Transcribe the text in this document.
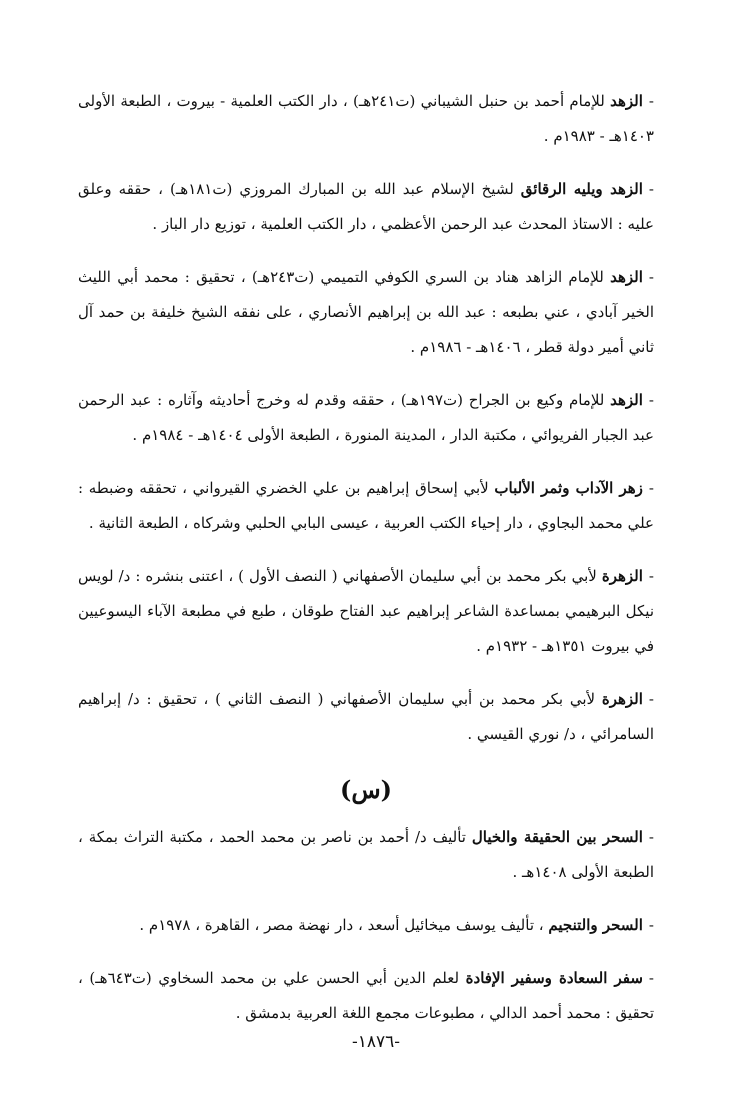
-الزهد للإمام أحمد بن حنبل الشيباني (ت٢٤١هـ) ، دار الكتب العلمية - بيروت ، الطبعة الأولى ١٤٠٣هـ - ١٩٨٣م .
-الزهد ويليه الرقائق لشيخ الإسلام عبد الله بن المبارك المروزي (ت١٨١هـ) ، حققه وعلق عليه : الاستاذ المحدث عبد الرحمن الأعظمي ، دار الكتب العلمية ، توزيع دار الباز .
-الزهد للإمام الزاهد هناد بن السري الكوفي التميمي (ت٢٤٣هـ) ، تحقيق : محمد أبي الليث الخير آبادي ، عني بطبعه : عبد الله بن إبراهيم الأنصاري ، على نفقه الشيخ خليفة بن حمد آل ثاني أمير دولة قطر ، ١٤٠٦هـ - ١٩٨٦م .
-الزهد للإمام وكيع بن الجراح (ت١٩٧هـ) ، حققه وقدم له وخرج أحاديثه وآثاره : عبد الرحمن عبد الجبار الفريوائي ، مكتبة الدار ، المدينة المنورة ، الطبعة الأولى ١٤٠٤هـ - ١٩٨٤م .
-زهر الآداب وثمر الألباب لأبي إسحاق إبراهيم بن علي الخضري القيرواني ، تحققه وضبطه : علي محمد البجاوي ، دار إحياء الكتب العربية ، عيسى البابي الحلبي وشركاه ، الطبعة الثانية .
-الزهرة لأبي بكر محمد بن أبي سليمان الأصفهاني ( النصف الأول ) ، اعتنى بنشره : د/ لويس نيكل البرهيمي بمساعدة الشاعر إبراهيم عبد الفتاح طوقان ، طبع في مطبعة الآباء اليسوعيين في بيروت ١٣٥١هـ - ١٩٣٢م .
-الزهرة لأبي بكر محمد بن أبي سليمان الأصفهاني ( النصف الثاني ) ، تحقيق : د/ إبراهيم السامرائي ، د/ نوري القيسي .
(س)
-السحر بين الحقيقة والخيال تأليف د/ أحمد بن ناصر بن محمد الحمد ، مكتبة التراث بمكة ، الطبعة الأولى ١٤٠٨هـ .
-السحر والتنجيم ، تأليف يوسف ميخائيل أسعد ، دار نهضة مصر ، القاهرة ، ١٩٧٨م .
-سفر السعادة وسفير الإفادة لعلم الدين أبي الحسن علي بن محمد السخاوي (ت٦٤٣هـ) ، تحقيق : محمد أحمد الدالي ، مطبوعات مجمع اللغة العربية بدمشق .
-١٨٧٦-
